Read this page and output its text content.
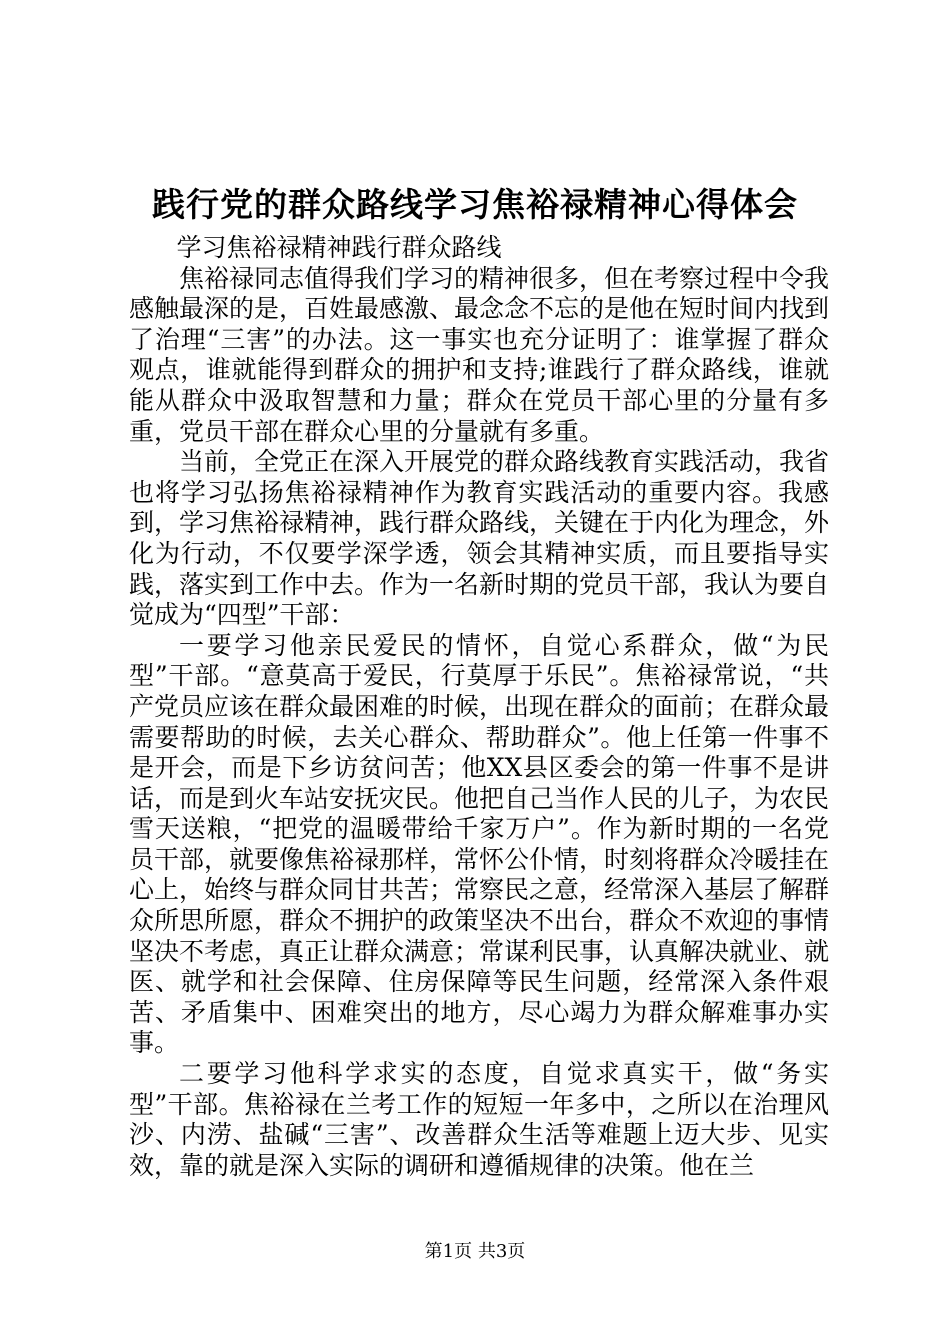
践行党的群众路线学习焦裕禄精神心得体会

学习焦裕禄精神践行群众路线

焦裕禄同志值得我们学习的精神很多，但在考察过程中令我感触最深的是，百姓最感激、最念念不忘的是他在短时间内找到了治理“三害”的办法。这一事实也充分证明了：谁掌握了群众观点，谁就能得到群众的拥护和支持;谁践行了群众路线，谁就能从群众中汲取智慧和力量；群众在党员干部心里的分量有多重，党员干部在群众心里的分量就有多重。

当前，全党正在深入开展党的群众路线教育实践活动，我省也将学习弘扬焦裕禄精神作为教育实践活动的重要内容。我感到，学习焦裕禄精神，践行群众路线，关键在于内化为理念，外化为行动，不仅要学深学透，领会其精神实质，而且要指导实践，落实到工作中去。作为一名新时期的党员干部，我认为要自觉成为“四型”干部：

一要学习他亲民爱民的情怀，自觉心系群众，做“为民型”干部。“意莫高于爱民，行莫厚于乐民”。焦裕禄常说，“共产党员应该在群众最困难的时候，出现在群众的面前；在群众最需要帮助的时候，去关心群众、帮助群众”。他上任第一件事不是开会，而是下乡访贫问苦；他XX县区委会的第一件事不是讲话，而是到火车站安抚灾民。他把自己当作人民的儿子，为农民雪天送粮，“把党的温暖带给千家万户”。作为新时期的一名党员干部，就要像焦裕禄那样，常怀公仆情，时刻将群众冷暖挂在心上，始终与群众同甘共苦；常察民之意，经常深入基层了解群众所思所愿，群众不拥护的政策坚决不出台，群众不欢迎的事情坚决不考虑，真正让群众满意；常谋利民事，认真解决就业、就医、就学和社会保障、住房保障等民生问题，经常深入条件艰苦、矛盾集中、困难突出的地方，尽心竭力为群众解难事办实事。

二要学习他科学求实的态度，自觉求真实干，做“务实型”干部。焦裕禄在兰考工作的短短一年多中，之所以在治理风沙、内涝、盐碱“三害”、改善群众生活等难题上迈大步、见实效，靠的就是深入实际的调研和遵循规律的决策。他在兰

第1页 共3页
